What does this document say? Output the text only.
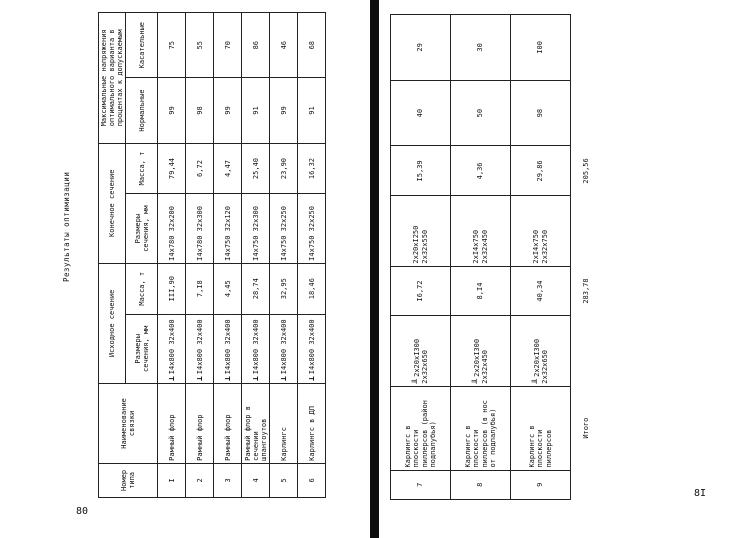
Результаты оптимизации
Номер типа	Наименование связки	Исходное сечение		Конечное сечение		Максимальные напряжения оптимального варианта в процентах к допускаемым	
		Размеры сечения, мм	Масса, т	Размеры сечения, мм	Масса, т	Нормальные	Касательные
I	Рамный флор	⊥I4x800 32x400	III,90	I4x780 32x200	79,44	99	75
2	Рамный флор	⊥I4x800 32x400	7,I8	I4x780 32x300	6,72	98	55
3	Рамный флор	⊥I4x800 32x400	4,45	I4x750 32x120	4,47	99	70
4	Рамный флор в сечении шпангоутов	⊥I4x800 32x400	28,74	I4x750 32x300	25,40	91	86
5	Карлингс	⊥I4x800 32x400	32,95	I4x750 32x250	23,90	99	46
6	Карлингс в ДП	⊥I4x800 32x400	18,46	I4x750 32x250	16,32	91	68
80
7	Карлингс в плоскости пиллерсов (район подпалубья)	╨2x20xI300 2x32x650	I6,72	2x20xI250 2x32x550	I5,39	40	29
8	Карлингс в плоскости пиллерсов (в нос от подпалубья)	╨2x20xI300 2x32x450	8,I4	2xI4x750 2x32x450	4,36	50	30
9	Карлингс в плоскости пиллерсов	╨2x20xI300 2x32x650	40,34	2xI4x750 2x32x750	29,86	98	I00
	Итого		283,78		205,56		
8I
